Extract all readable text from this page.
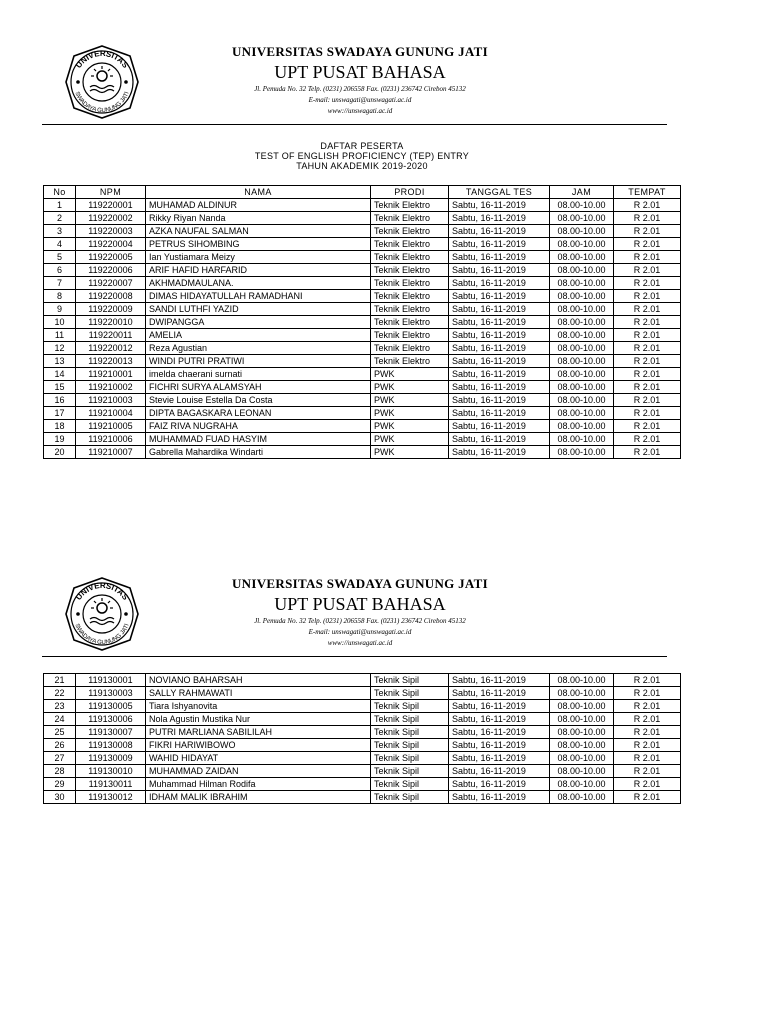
UNIVERSITAS
SWADAYA GUNUNG JATI
UNIVERSITAS SWADAYA GUNUNG JATI
UPT PUSAT BAHASA
Jl. Pemuda No. 32 Telp. (0231) 206558 Fax. (0231) 236742 Cirebon 45132
E-mail: unswagati@unswagati.ac.id
www://unswagati.ac.id
DAFTAR PESERTA
TEST OF ENGLISH PROFICIENCY (TEP) ENTRY
TAHUN AKADEMIK 2019-2020
No	NPM	NAMA	PRODI	TANGGAL TES	JAM	TEMPAT
1	119220001	MUHAMAD ALDINUR	Teknik Elektro	Sabtu, 16-11-2019	08.00-10.00	R 2.01
2	119220002	Rikky Riyan Nanda	Teknik Elektro	Sabtu, 16-11-2019	08.00-10.00	R 2.01
3	119220003	AZKA NAUFAL SALMAN	Teknik Elektro	Sabtu, 16-11-2019	08.00-10.00	R 2.01
4	119220004	PETRUS SIHOMBING	Teknik Elektro	Sabtu, 16-11-2019	08.00-10.00	R 2.01
5	119220005	Ian Yustiamara Meizy	Teknik Elektro	Sabtu, 16-11-2019	08.00-10.00	R 2.01
6	119220006	ARIF HAFID HARFARID	Teknik Elektro	Sabtu, 16-11-2019	08.00-10.00	R 2.01
7	119220007	AKHMADMAULANA.	Teknik Elektro	Sabtu, 16-11-2019	08.00-10.00	R 2.01
8	119220008	DIMAS HIDAYATULLAH RAMADHANI	Teknik Elektro	Sabtu, 16-11-2019	08.00-10.00	R 2.01
9	119220009	SANDI LUTHFI YAZID	Teknik Elektro	Sabtu, 16-11-2019	08.00-10.00	R 2.01
10	119220010	DWIPANGGA	Teknik Elektro	Sabtu, 16-11-2019	08.00-10.00	R 2.01
11	119220011	AMELIA	Teknik Elektro	Sabtu, 16-11-2019	08.00-10.00	R 2.01
12	119220012	Reza Agustian	Teknik Elektro	Sabtu, 16-11-2019	08.00-10.00	R 2.01
13	119220013	WINDI PUTRI PRATIWI	Teknik Elektro	Sabtu, 16-11-2019	08.00-10.00	R 2.01
14	119210001	imelda chaerani surnati	PWK	Sabtu, 16-11-2019	08.00-10.00	R 2.01
15	119210002	FICHRI SURYA ALAMSYAH	PWK	Sabtu, 16-11-2019	08.00-10.00	R 2.01
16	119210003	Stevie Louise Estella Da Costa	PWK	Sabtu, 16-11-2019	08.00-10.00	R 2.01
17	119210004	DIPTA BAGASKARA LEONAN	PWK	Sabtu, 16-11-2019	08.00-10.00	R 2.01
18	119210005	FAIZ RIVA NUGRAHA	PWK	Sabtu, 16-11-2019	08.00-10.00	R 2.01
19	119210006	MUHAMMAD FUAD HASYIM	PWK	Sabtu, 16-11-2019	08.00-10.00	R 2.01
20	119210007	Gabrella Mahardika Windarti	PWK	Sabtu, 16-11-2019	08.00-10.00	R 2.01
UNIVERSITAS
SWADAYA GUNUNG JATI
UNIVERSITAS SWADAYA GUNUNG JATI
UPT PUSAT BAHASA
Jl. Pemuda No. 32 Telp. (0231) 206558 Fax. (0231) 236742 Cirebon 45132
E-mail: unswagati@unswagati.ac.id
www://unswagati.ac.id
21	119130001	NOVIANO BAHARSAH	Teknik Sipil	Sabtu, 16-11-2019	08.00-10.00	R 2.01
22	119130003	SALLY RAHMAWATI	Teknik Sipil	Sabtu, 16-11-2019	08.00-10.00	R 2.01
23	119130005	Tiara Ishyanovita	Teknik Sipil	Sabtu, 16-11-2019	08.00-10.00	R 2.01
24	119130006	Nola Agustin Mustika Nur	Teknik Sipil	Sabtu, 16-11-2019	08.00-10.00	R 2.01
25	119130007	PUTRI MARLIANA SABILILAH	Teknik Sipil	Sabtu, 16-11-2019	08.00-10.00	R 2.01
26	119130008	FIKRI HARIWIBOWO	Teknik Sipil	Sabtu, 16-11-2019	08.00-10.00	R 2.01
27	119130009	WAHID HIDAYAT	Teknik Sipil	Sabtu, 16-11-2019	08.00-10.00	R 2.01
28	119130010	MUHAMMAD ZAIDAN	Teknik Sipil	Sabtu, 16-11-2019	08.00-10.00	R 2.01
29	119130011	Muhammad Hilman Rodifa	Teknik Sipil	Sabtu, 16-11-2019	08.00-10.00	R 2.01
30	119130012	IDHAM MALIK IBRAHIM	Teknik Sipil	Sabtu, 16-11-2019	08.00-10.00	R 2.01
